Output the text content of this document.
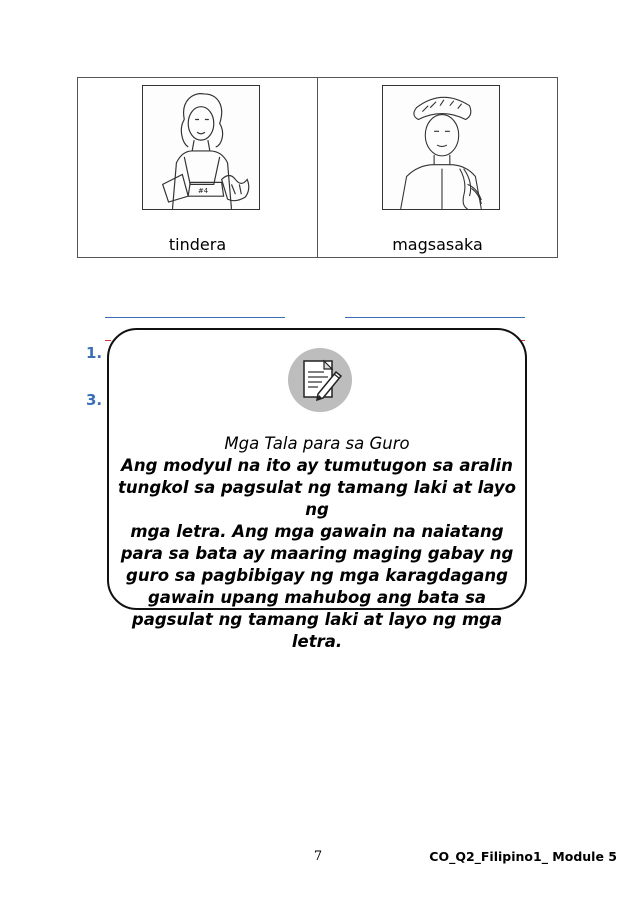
#4
tindera	magsasaka
1.
3.
Mga Tala para sa Guro
Ang modyul na ito ay tumutugon sa aralin
tungkol sa pagsulat ng tamang laki at layo ng
mga letra. Ang mga gawain na naiatang
para sa bata ay maaring maging gabay ng
guro sa pagbibigay ng mga karagdagang
gawain upang mahubog ang bata sa
pagsulat ng tamang laki at layo ng mga letra.
7	CO_Q2_Filipino1_ Module 5
